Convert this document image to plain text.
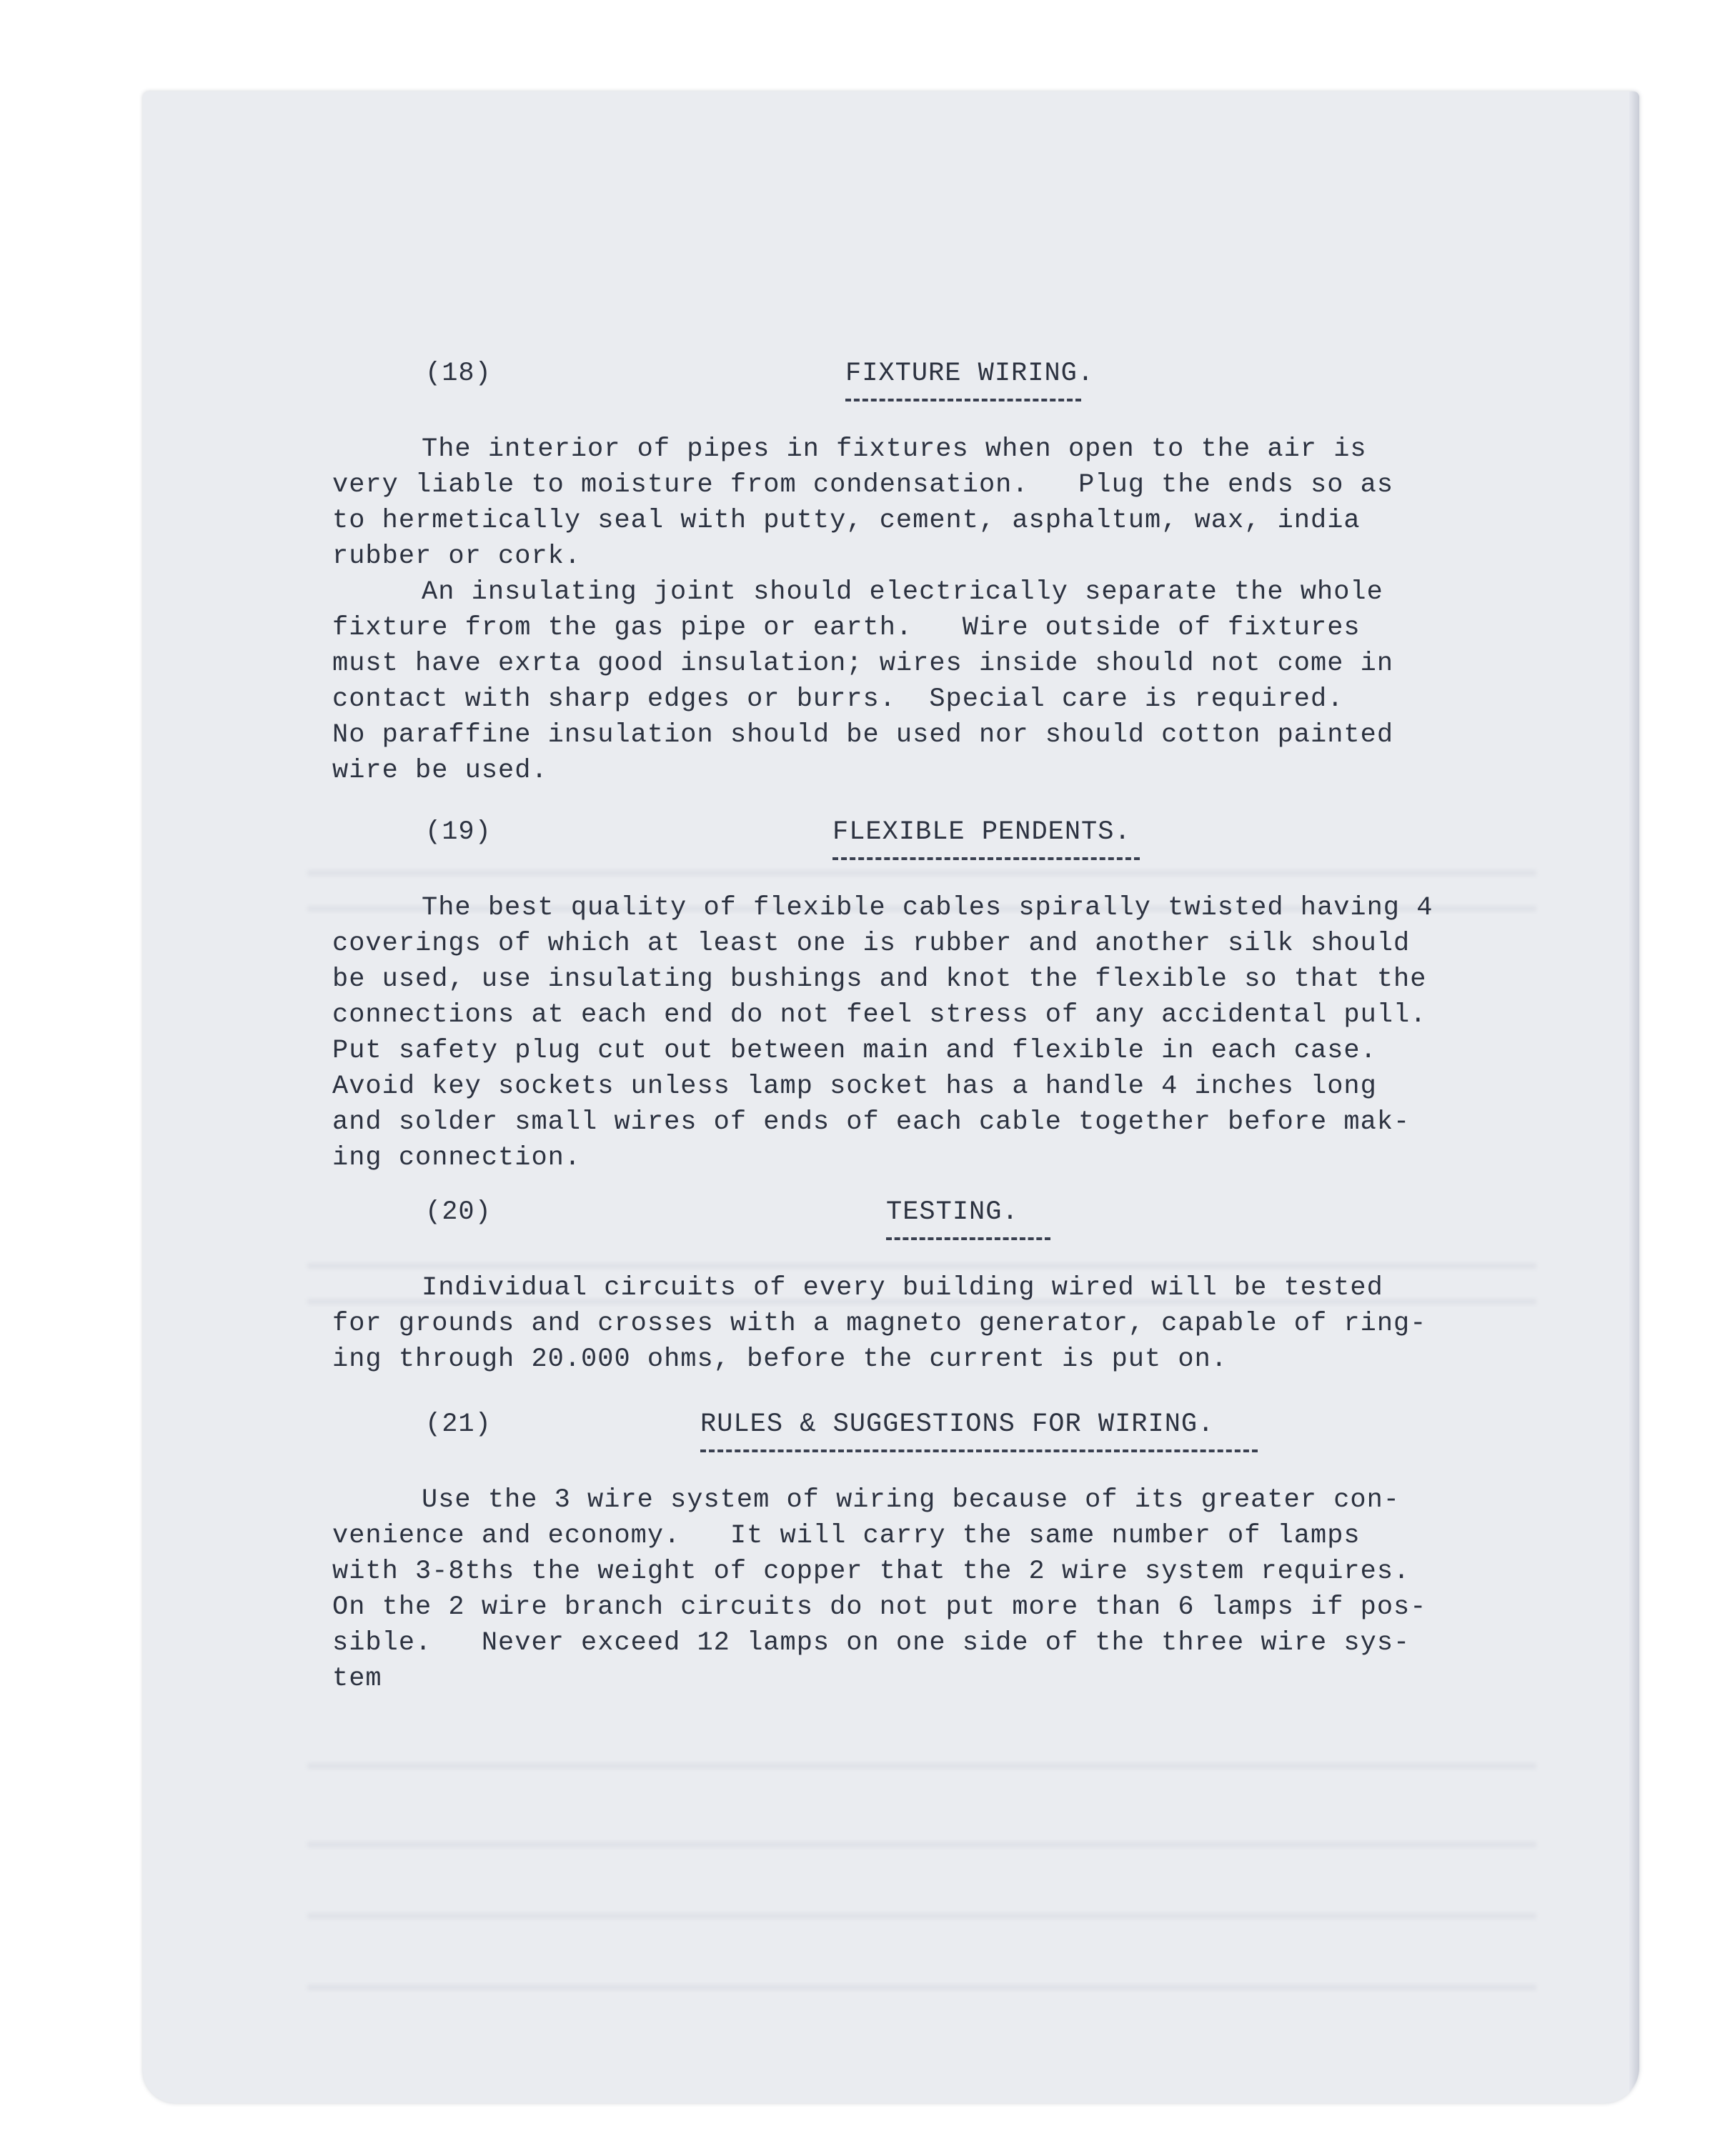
(18)	FIXTURE WIRING.

The interior of pipes in fixtures when open to the air is
very liable to moisture from condensation.   Plug the ends so as
to hermetically seal with putty, cement, asphaltum, wax, india
rubber or cork.
An insulating joint should electrically separate the whole
fixture from the gas pipe or earth.   Wire outside of fixtures
must have exrta good insulation; wires inside should not come in
contact with sharp edges or burrs.  Special care is required.
No paraffine insulation should be used nor should cotton painted
wire be used.

(19)	FLEXIBLE PENDENTS.

The best quality of flexible cables spirally twisted having 4
coverings of which at least one is rubber and another silk should
be used, use insulating bushings and knot the flexible so that the
connections at each end do not feel stress of any accidental pull.
Put safety plug cut out between main and flexible in each case.
Avoid key sockets unless lamp socket has a handle 4 inches long
and solder small wires of ends of each cable together before mak-
ing connection.

(20)	TESTING.

Individual circuits of every building wired will be tested
for grounds and crosses with a magneto generator, capable of ring-
ing through 20.000 ohms, before the current is put on.

(21)	RULES & SUGGESTIONS FOR WIRING.

Use the 3 wire system of wiring because of its greater con-
venience and economy.   It will carry the same number of lamps
with 3-8ths the weight of copper that the 2 wire system requires.
On the 2 wire branch circuits do not put more than 6 lamps if pos-
sible.   Never exceed 12 lamps on one side of the three wire sys-
tem
